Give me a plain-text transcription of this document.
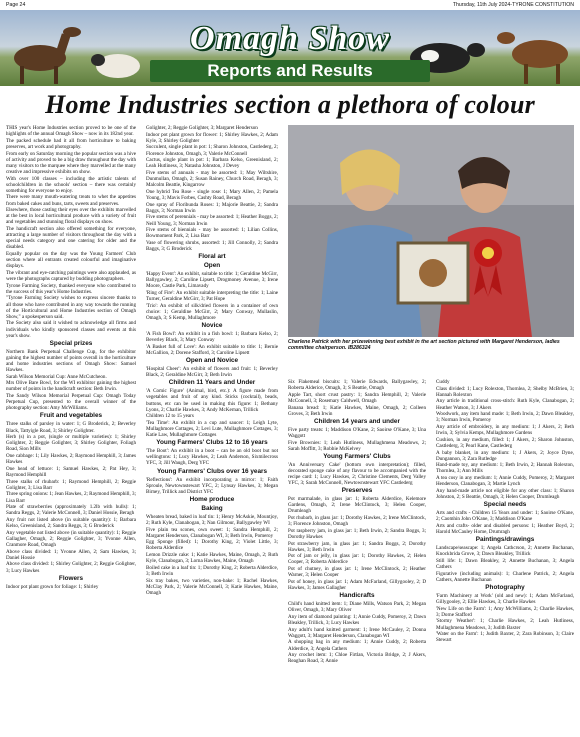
Page 24	Thursday, 11th July 2024-TYRONE CONSTITUTION
Omagh Show
Reports and Results
Home Industries section a plethora of colour

THIS year's Home Industries section proved to be one of the highlights of the annual Omagh Show – now in its 182nd year.

The packed schedule had it all from horticulture to baking preserves, art work and photography.

From early on Saturday morning the popular section was a hive of activity and proved to be a big draw throughout the day with many visitors to the marquee where they marvelled at the many creative and impressive exhibits on show.

With over 100 classes – including the artistic talents of schoolchildren in the schools' section – there was certainly something for everyone to enjoy.

There were many mouth-watering treats to whet the appetites from baked cakes and buns, tarts, sweets and preserves.

Elsewhere, those casting their eyes over the exhibits marvelled at the best in local horticultural produce with a variety of fruit and vegetables and stunning floral displays on show.

The handicraft section also offered something for everyone, attracting a large number of visitors throughout the day with a special needs category and one catering for older and the disabled.

Equally popular on the day was the Young Farmers' Club section where all entrants created colourful and imaginative displays.

The vibrant and eye-catching paintings were also applauded, as were the photographs captured by budding photographers.

Tyrone Farming Society, thanked everyone who contributed to the success of this year's Home Industries.

"Tyrone Farming Society wishes to express sincere thanks to all those who have contributed in any way towards the running of the Horticultural and Home Industries section of Omagh Show," a spokesperson said.

The Society also said it wished to acknowledge all firms and individuals who kindly sponsored classes and events at this year's show.

Special prizes

Northern Bank Perpetual Challenge Cup, for the exhibitor gaining the highest number of points overall in the horticulture and home industries sections of Omagh Show: Samuel Hawkes.

Sarah Wilson Memorial Cup: Anne McCutcheon.

Mrs Olive Bare Bowl, for the WI exhibitor gaining the highest number of points in the handicraft section: Beth Irwin.

The Sandy Wilson Memorial Perpetual Cup: Omagh Today Perpetual Cup, presented to the overall winner of the photography section: Amy McWilliams.

Fruit and vegetables

Three stalks of parsley in water: 1; G Broderick, 2; Beverley Black, Tattyigle Road, 3; Shirley Golighter.

Herb (s) in a pot, (single or multiple varieties): 1; Shirley Golighter, 2; Reggie Golighter, 3; Shirley Golighter, Foliagh Road, Sion Mills

One cabbage: 1; Lily Hawkes, 2; Raymond Hemphill, 3; James Hawkes

One head of lettuce: 1; Samuel Hawkes, 2; Pat Hey, 3; Raymond Hemphill

Three stalks of rhubarb: 1; Raymond Hemphill, 2; Reggie Golighter, 3; Lisa Barr

Three spring onions: 1; Jean Hawkes, 2; Raymond Hemphill, 3; Lisa Barr

Plate of strawberries (approximately 1.2lb with hulls): 1; Sandra Reggs, 2; Valerie McConnell, 3; Daniel Hossie, Beragh

Any fruit not listed above (in suitable quantity): 1; Barbara Kelso, Greenisland, 2; Sandra Reggs, 3; G Broderick

Any vegetable not listed above (in suitable quantity): 1; Reggie Gallagher, Omagh, 2; Reggie Golighter, 3; Yvonne Allen, Cranmore Road, Omagh

Above class divided: 1; Yvonne Allen, 2; Sam Hawkes, 3; Daniel Hossie

Above class divided: 1; Shirley Golighter, 2; Reggie Golighter, 3; Lucy Hawkes

Flowers

Indoor pot plant grown for foliage: 1; Shirley

Golighter, 2; Reggie Golighter, 3; Margaret Henderson

Indoor pot plant grown for flower: 1; Shirley Hawkes, 2; Adam Kyle, 3; Shirley Golighter

Succulent, single plant in pot: 1; Sharon Johnston, Castlederg, 2; Florence Johnston, Omagh, 3; Valerie McConnell

Cactus, single plant in pot: 1; Barbara Kelso, Greenisland, 2; Leah Hutliness, 3; Natasha Johnston, J Devey

Five stems of annuals - may be assorted: 1; May Wiltshire, Dunmullan, Omagh, 2; Susan Rainey, Church Road, Beragh, 3; Malcolm Beattie, Kingarrow

One hybrid Tea Rose - single rose: 1; Mary Allen, 2; Pamela Young, 3; Mavis Forbes, Cashty Road, Beragh

One spray of Floribunda Roses: 1; Majorie Beattie, 2; Sandra Baggs, 3; Norman Irwin

Five stems of perennials - may be assorted: 1; Heather Boggs, 2; Neill Young, 3; Norman Irwin

Five stems of biennials - may be assorted: 1; Lilian Collins, Bowmoment Park, 2; Lisa Barr

Vase of flowering shrubs, assorted: 1; Jill Connolly, 2; Sandra Baggs, 3; G Broderick

Floral art
Open

'Happy Event': An exhibit, suitable to title: 1; Geraldine McGirr, Ballygawley, 2; Caroline Lipsett, Drogmoney Avenue, 3; Irene Moore, Castle Park, Limavady

'Ring of Fire': An exhibit suitable interpreting the title: 1; Laine Turner, Geraldine McGirr, 3; Pat Hope

'Trio': An exhibit of silk/dried flowers in a container of own choice: 1; Geraldine McGirr, 2; Mary Conway, Mullaslin, Omagh, 3; S Kemp, Mullaghmore

Novice

'A Fish Bowl': An exhibit in a fish bowl: 1; Barbara Kelso, 2; Beverley Black, 3; Mary Conway

'A Basket full of Love': An exhibit suitable to title: 1; Bernie McGallion, 2; Dorene Stafford, 3; Caroline Lipsett

Open and Novice

'Hospital Cheer': An exhibit of flowers and fruit: 1; Beverley Black, 2; Geraldine McGirr, 3; Beth Irwin

Children 11 Years and Under

'A Comic Figure' (Animal, bird, etc.): A figure made from vegetables and fruit of any kind. Sticks (cocktail), beads, buttons, etc can be used in making this figure: 1; Bethany Lyons, 2; Charlie Hawkes, 3; Andy McKernan, Trillick

Children 12 to 15 years

'Tea Time': An exhibit in a cup and saucer: 1; Leigh Lyte, Mullaghmore Cottages, 2; Levi Lute, Mullaghmore Cottages, 3; Katie Law, Mullaghmore Cottages

Young Farmers' Clubs 12 to 16 years

'The Boot': An exhibit in a boot – can be an old boot but not wellingtons: 1; Lucy Hawkes, 2; Leah Anderson, Sixmilecross YFC, 3; Jill Waugh, Derg YFC

Young Farmers' Clubs over 16 years

'Reflections': An exhibit incorporating a mirror: 1; Faith Sproule, Newtownstewart YFC, 2; Lynsay Hawkes, 3; Megan Birney, Trillick and District YFC

Home produce
Baking

Wheaten bread, baked in loaf tin: 1; Henry McAskie, Mountjoy, 2; Ruth Kyle, Clanabogan, 3; Nan Gilmour, Ballygawley WI

Five plain tea scones, own sweet: 1; Sandra Hemphill, 2; Margaret Henderson, Clanabogan WI, 3; Beth Irwin, Pomeroy

Egg Sponge (filled): 1; Dorothy King, 2; Violet Little, 3; Roberta Alderdice

Lemon Drizzle cake: 1; Katie Hawkes, Maine, Omagh, 2; Ruth Kyle, Clanabogan, 3; Lorna Hawkes, Maine, Omagh

Boiled cake in a loaf tin: 1; Dorothy King, 2; Roberta Alderdice, 3; Beth Irwin

Six tray bakes, two varieties, non-bake: 1; Rachel Hawkes, McClay Park, 2; Valerie McConnell, 3; Katie Hawkes, Maine, Omagh

Charlene Patrick with her prizewinning best exhibit in the art section pictured with Margaret Henderson, ladies committee chairperson. IB286324

Six Flakemeal biscuits: 1; Valerie Edwards, Ballygawley, 2; Roberta Alderice, Omagh, 3; S Beattie, Omagh

Apple Tart, short crust pastry: 1; Sandra Hemphill, 2; Valerie McConnell, 3; Rosemary Caldwell, Omagh

Banana bread: 1; Katie Hawkes, Maine, Omagh, 2; Colleen Groves, 3; Beth Irwin

Children 14 years and under

Five party treats: 1; Maddison O'Kane, 2; Saoirse O'Kane, 3; Una Waggott

Five Brownies: 1; Leah Hutliness, Mullaghmena Meadows, 2; Sarah Moffitt, 3; Robbie McKelvey

Young Farmers' Clubs

'An Anniversary Cake' (bottom own interpretation); filled, decorated sponge cake of any flavour to be accompanied with the recipe card: 1; Lucy Hawkes, 2; Christine Clements, Derg Valley YFC, 3; Sarah McConnell, Newtownstewart YFC Castlederg

Preserves

Pot marmalade, in glass jar: 1; Roberta Alderdice, Kelemore Gardens, Omagh, 2; Irene McClintock, 3; Helen Cooper, Drumleagh

Pot rhubarb, in glass jar: 1; Dorothy Hawkes, 2; Irene McClintock, 3; Florence Johnston, Omagh

Pot raspberry jam, in glass jar: 1; Beth Irwin, 2; Sandra Boggs, 3; Dorothy Hawkes

Pot strawberry jam, in glass jar: 1; Sandra Boggs, 2; Dorothy Hawkes, 3; Beth Irwin

Pot of jam or jelly, in glass jar: 1; Dorothy Hawkes, 2; Helen Cooper, 3; Roberta Alderdice

Pot of chutney, in glass jar: 1; Irene McClintock, 2; Heather Warner, 3; Helen Cooper

Pot of honey, in glass jar: 1; Adam McFarland, Gillygooley, 2; D Hawkes, 3; James Gallagher

Handicrafts

Child's hand knitted item: 1; Diane Mills, Watson Park, 2; Megan Oliver, Omagh, 3; Mary Oliver

Any item of diamond painting: 1; Annie Cuddy, Pomeroy, 2; Dawn Bleakley, Trillick, 3; Lucy Hawkes

Any adult's hand knitted garment: 1; Irene McCauley, 2; Donna Waggott, 3; Margaret Henderson, Clanabogan WI

A shopping bag in any medium: 1; Annie Cuddy, 2; Roberta Alderdice, 3; Angela Cathers

Any crochet item: 1; Chloe Firtlan, Victoria Bridge, 2; J Akers, Reaghan Road, 3; Annie

Cuddy

Class divided: 1; Lucy Rolexton, Thornlea, 2; Shelby McBrien, 3; Hannah Rolexton

Any article in traditional cross-stitch: Ruth Kyle, Clanabogan, 2; Heather Watson, 3; J Akers

Woodwork, any item hand made: 1; Beth Irwin, 2; Dawn Bleakley, 3; Norman Irwin, Pomeroy

Any article of embroidery, in any medium: 1; J Akers, 2; Beth Irwin, 3; Sylvia Kemps, Mullaghmore Gardens

Cushion, in any medium, filled: 1; J Akers, 2; Sharon Johnston, Castlederg, 3; Pearl Kane, Castlederg

A baby blanket, in any medium: 1; J Akers, 2; Joyce Dyne, Dungannon, 3; Zara Rutledge

Hand-made toy, any medium: 1; Beth Irwin, 2; Hannah Rolexton, Thornlea, 3; Ann Mills

A tea cosy in any medium: 1; Annie Cuddy, Pomeroy, 2; Margaret Henderson, Clanabogan, 3; Martie Lynch

Any hand-made article not eligible for any other class: 1; Sharon Johnston, 2; S Beattie, Omagh, 3; Helen Cooper, Drumleagh

Special needs

Arts and crafts - Children 15 Years and under: 1; Saoirse O'Kane, 2; Caomhin John O'Kane, 3; Maddison O'Kane

Arts and crafts- older and disabled persons: 1; Heather Boyd, 2; Harold McCauley Home, Drumragh

Paintings/drawings

Landscape/seascape: 1; Angela Cathcrson, 2; Annette Buchanan, Knockbrida Grove, 3; Dawn Bleakley, Trillick

Still life: 1; Dawn Bleakley, 2; Annette Buchanan, 3; Angela Cathers

Figurative (including animals): 1; Charlene Patrick, 2; Angela Cathers, Annette Buchanan

Photography

'Farm Machinery at Work' (old and new): 1; Adam McFarland, Gillygooley, 2; Ellie Hawkes, 3; Charlie Hawkes

'New Life on the Farm': 1; Amy McWilliams, 2; Charlie Hawkes, 3; Dorne Stafford

'Stormy Weather': 1; Charlie Hawkes, 2; Leah Hutliness, Mullaghmena Meadows, 3; Judith Baxter

'Water on the Farm': 1; Judith Baxter, 2; Zara Robinson, 3; Claire Stewart
